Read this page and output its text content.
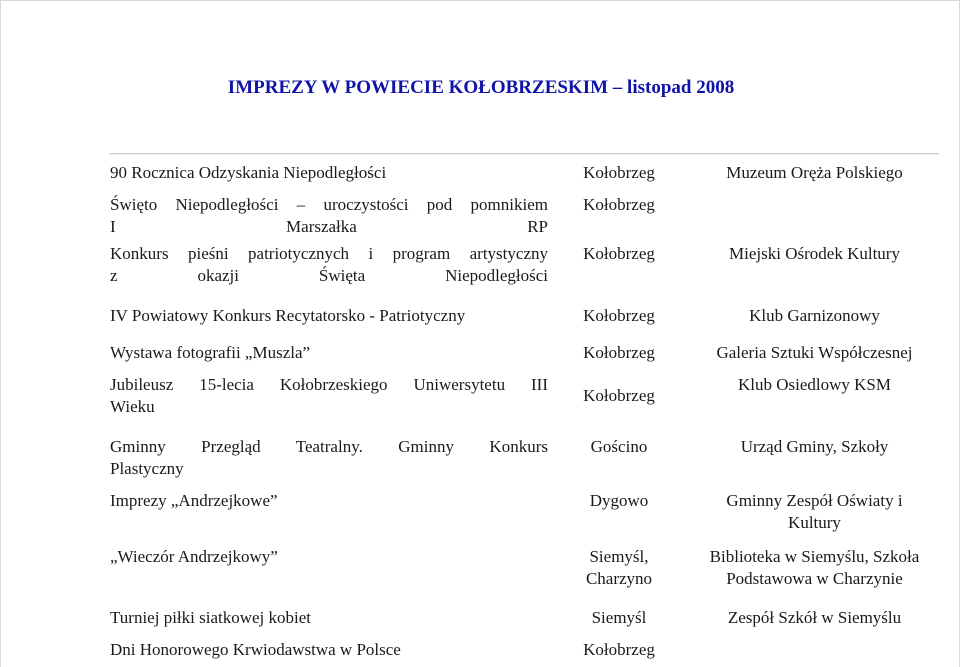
IMPREZY W POWIECIE KOŁOBRZESKIM – listopad 2008
90 Rocznica Odzyskania Niepodległości	Kołobrzeg	Muzeum Oręża Polskiego

Święto Niepodległości – uroczystości pod pomnikiem
I Marszałka RP	Kołobrzeg	

Konkurs pieśni patriotycznych i program artystyczny
z okazji Święta Niepodległości	Kołobrzeg	Miejski Ośrodek Kultury
IV Powiatowy Konkurs Recytatorsko - Patriotyczny	Kołobrzeg	Klub Garnizonowy
Wystawa fotografii „Muszla”	Kołobrzeg	Galeria Sztuki Współczesnej

Jubileusz 15-lecia Kołobrzeskiego Uniwersytetu III
Wieku	Kołobrzeg	Klub Osiedlowy KSM

Gminny Przegląd Teatralny. Gminny Konkurs
Plastyczny	Gościno	Urząd Gminy, Szkoły
Imprezy „Andrzejkowe”	Dygowo	Gminny Zespół Oświaty i
Kultury

„Wieczór Andrzejkowy”	Siemyśl,
Charzyno	Biblioteka w Siemyślu, Szkoła
Podstawowa w Charzynie

Turniej piłki siatkowej kobiet	Siemyśl	Zespół Szkół w Siemyślu
Dni Honorowego Krwiodawstwa w Polsce	Kołobrzeg	
